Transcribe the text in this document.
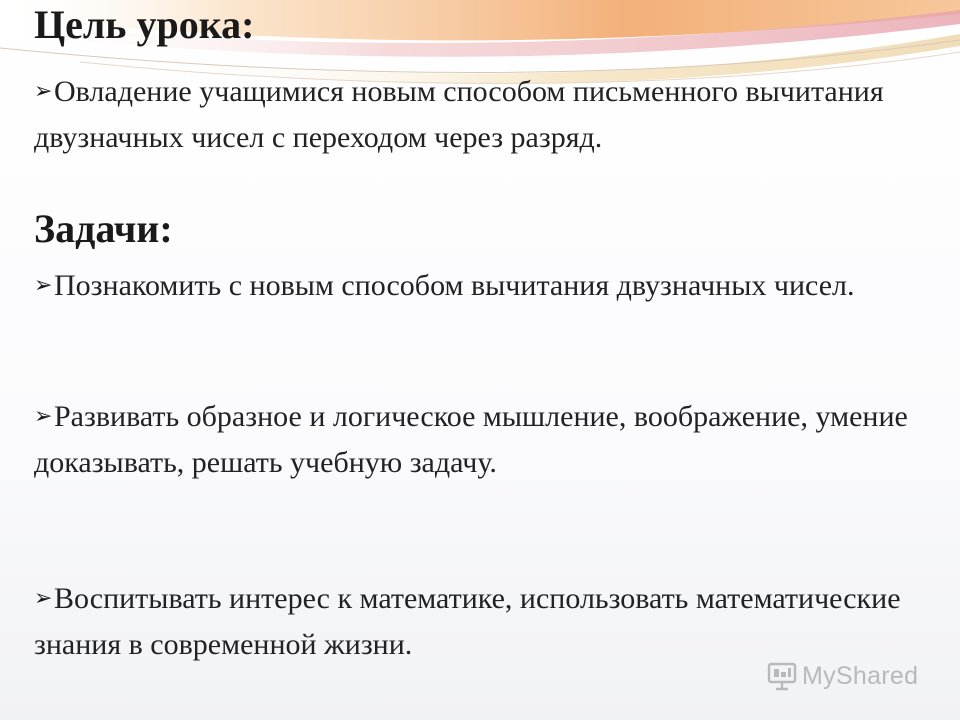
Цель урока:

➢Овладение учащимися новым способом письменного вычитания двузначных чисел с переходом через разряд.

Задачи:

➢Познакомить с новым способом вычитания двузначных чисел.

➢Развивать образное и логическое мышление, воображение, умение доказывать, решать учебную задачу.

➢Воспитывать интерес к математике, использовать математические знания в современной жизни.

MyShared
